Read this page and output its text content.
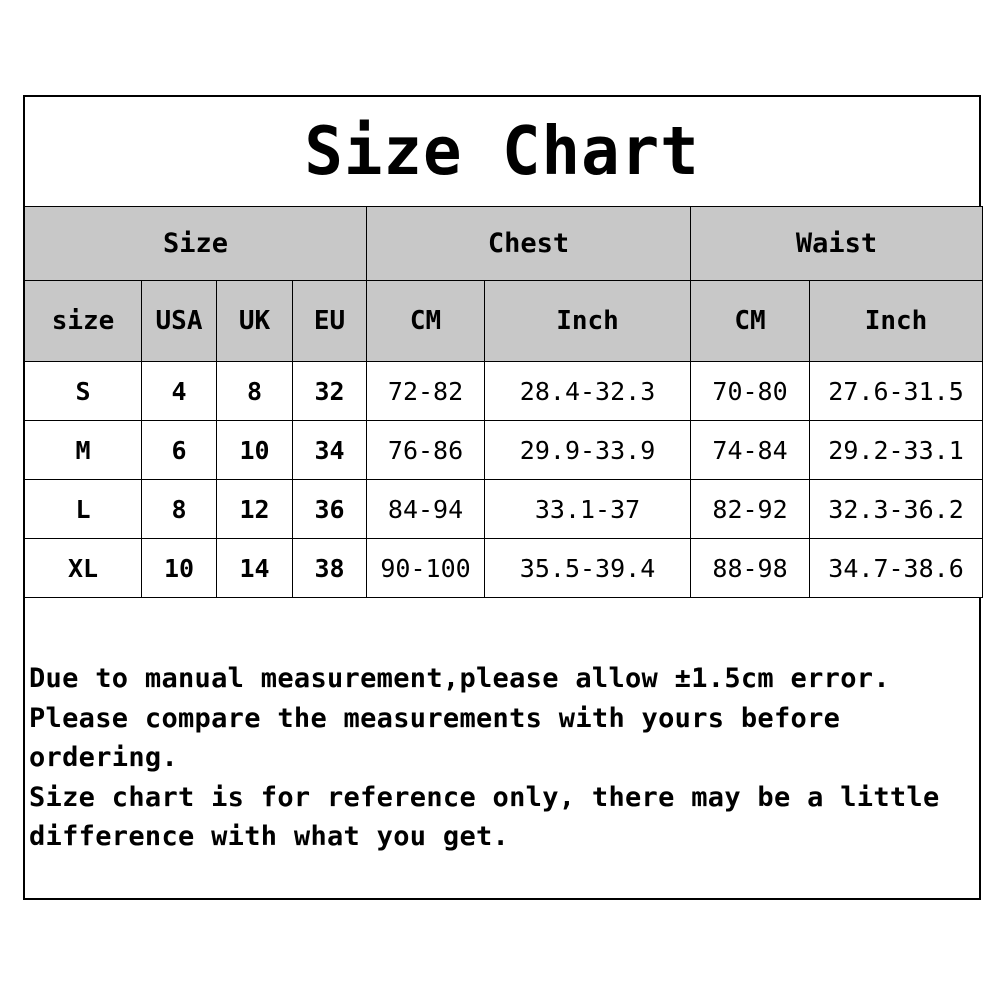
Size Chart
Size				Chest		Waist	
size	USA	UK	EU	CM	Inch	CM	Inch
S	4	8	32	72-82	28.4-32.3	70-80	27.6-31.5
M	6	10	34	76-86	29.9-33.9	74-84	29.2-33.1
L	8	12	36	84-94	33.1-37	82-92	32.3-36.2
XL	10	14	38	90-100	35.5-39.4	88-98	34.7-38.6

Due to manual measurement,please allow ±1.5cm error.

Please compare the measurements with yours before ordering.

Size chart is for reference only, there may be a little difference with what you get.
